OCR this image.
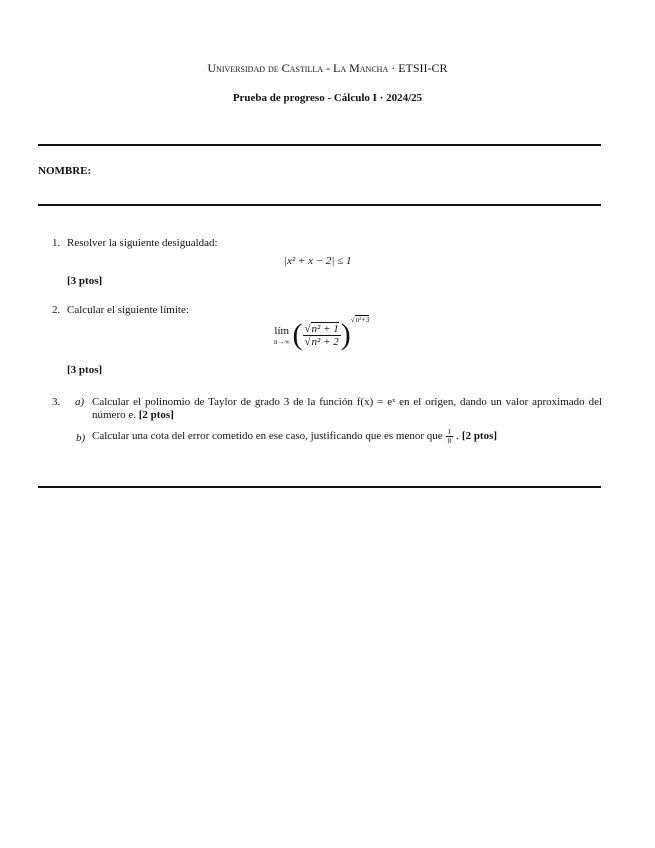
Universidad de Castilla - La Mancha · ETSII-CR
Prueba de progreso - Cálculo I · 2024/25
NOMBRE:
1. Resolver la siguiente desigualdad:
|x² + x − 2| ≤ 1
[3 ptos]
2. Calcular el siguiente límite:
lím
n→∞ ( $\frac{\text{√n² + 1}}{\text{√n² + 2}}$ ) √n²+3
[3 ptos]
3. a) Calcular el polinomio de Taylor de grado 3 de la función f(x) = eˣ en el origen, dando un valor aproximado del número e. [2 ptos]
b) Calcular una cota del error cometido en ese caso, justificando que es menor que $\frac{1}{8}$ . [2 ptos]
